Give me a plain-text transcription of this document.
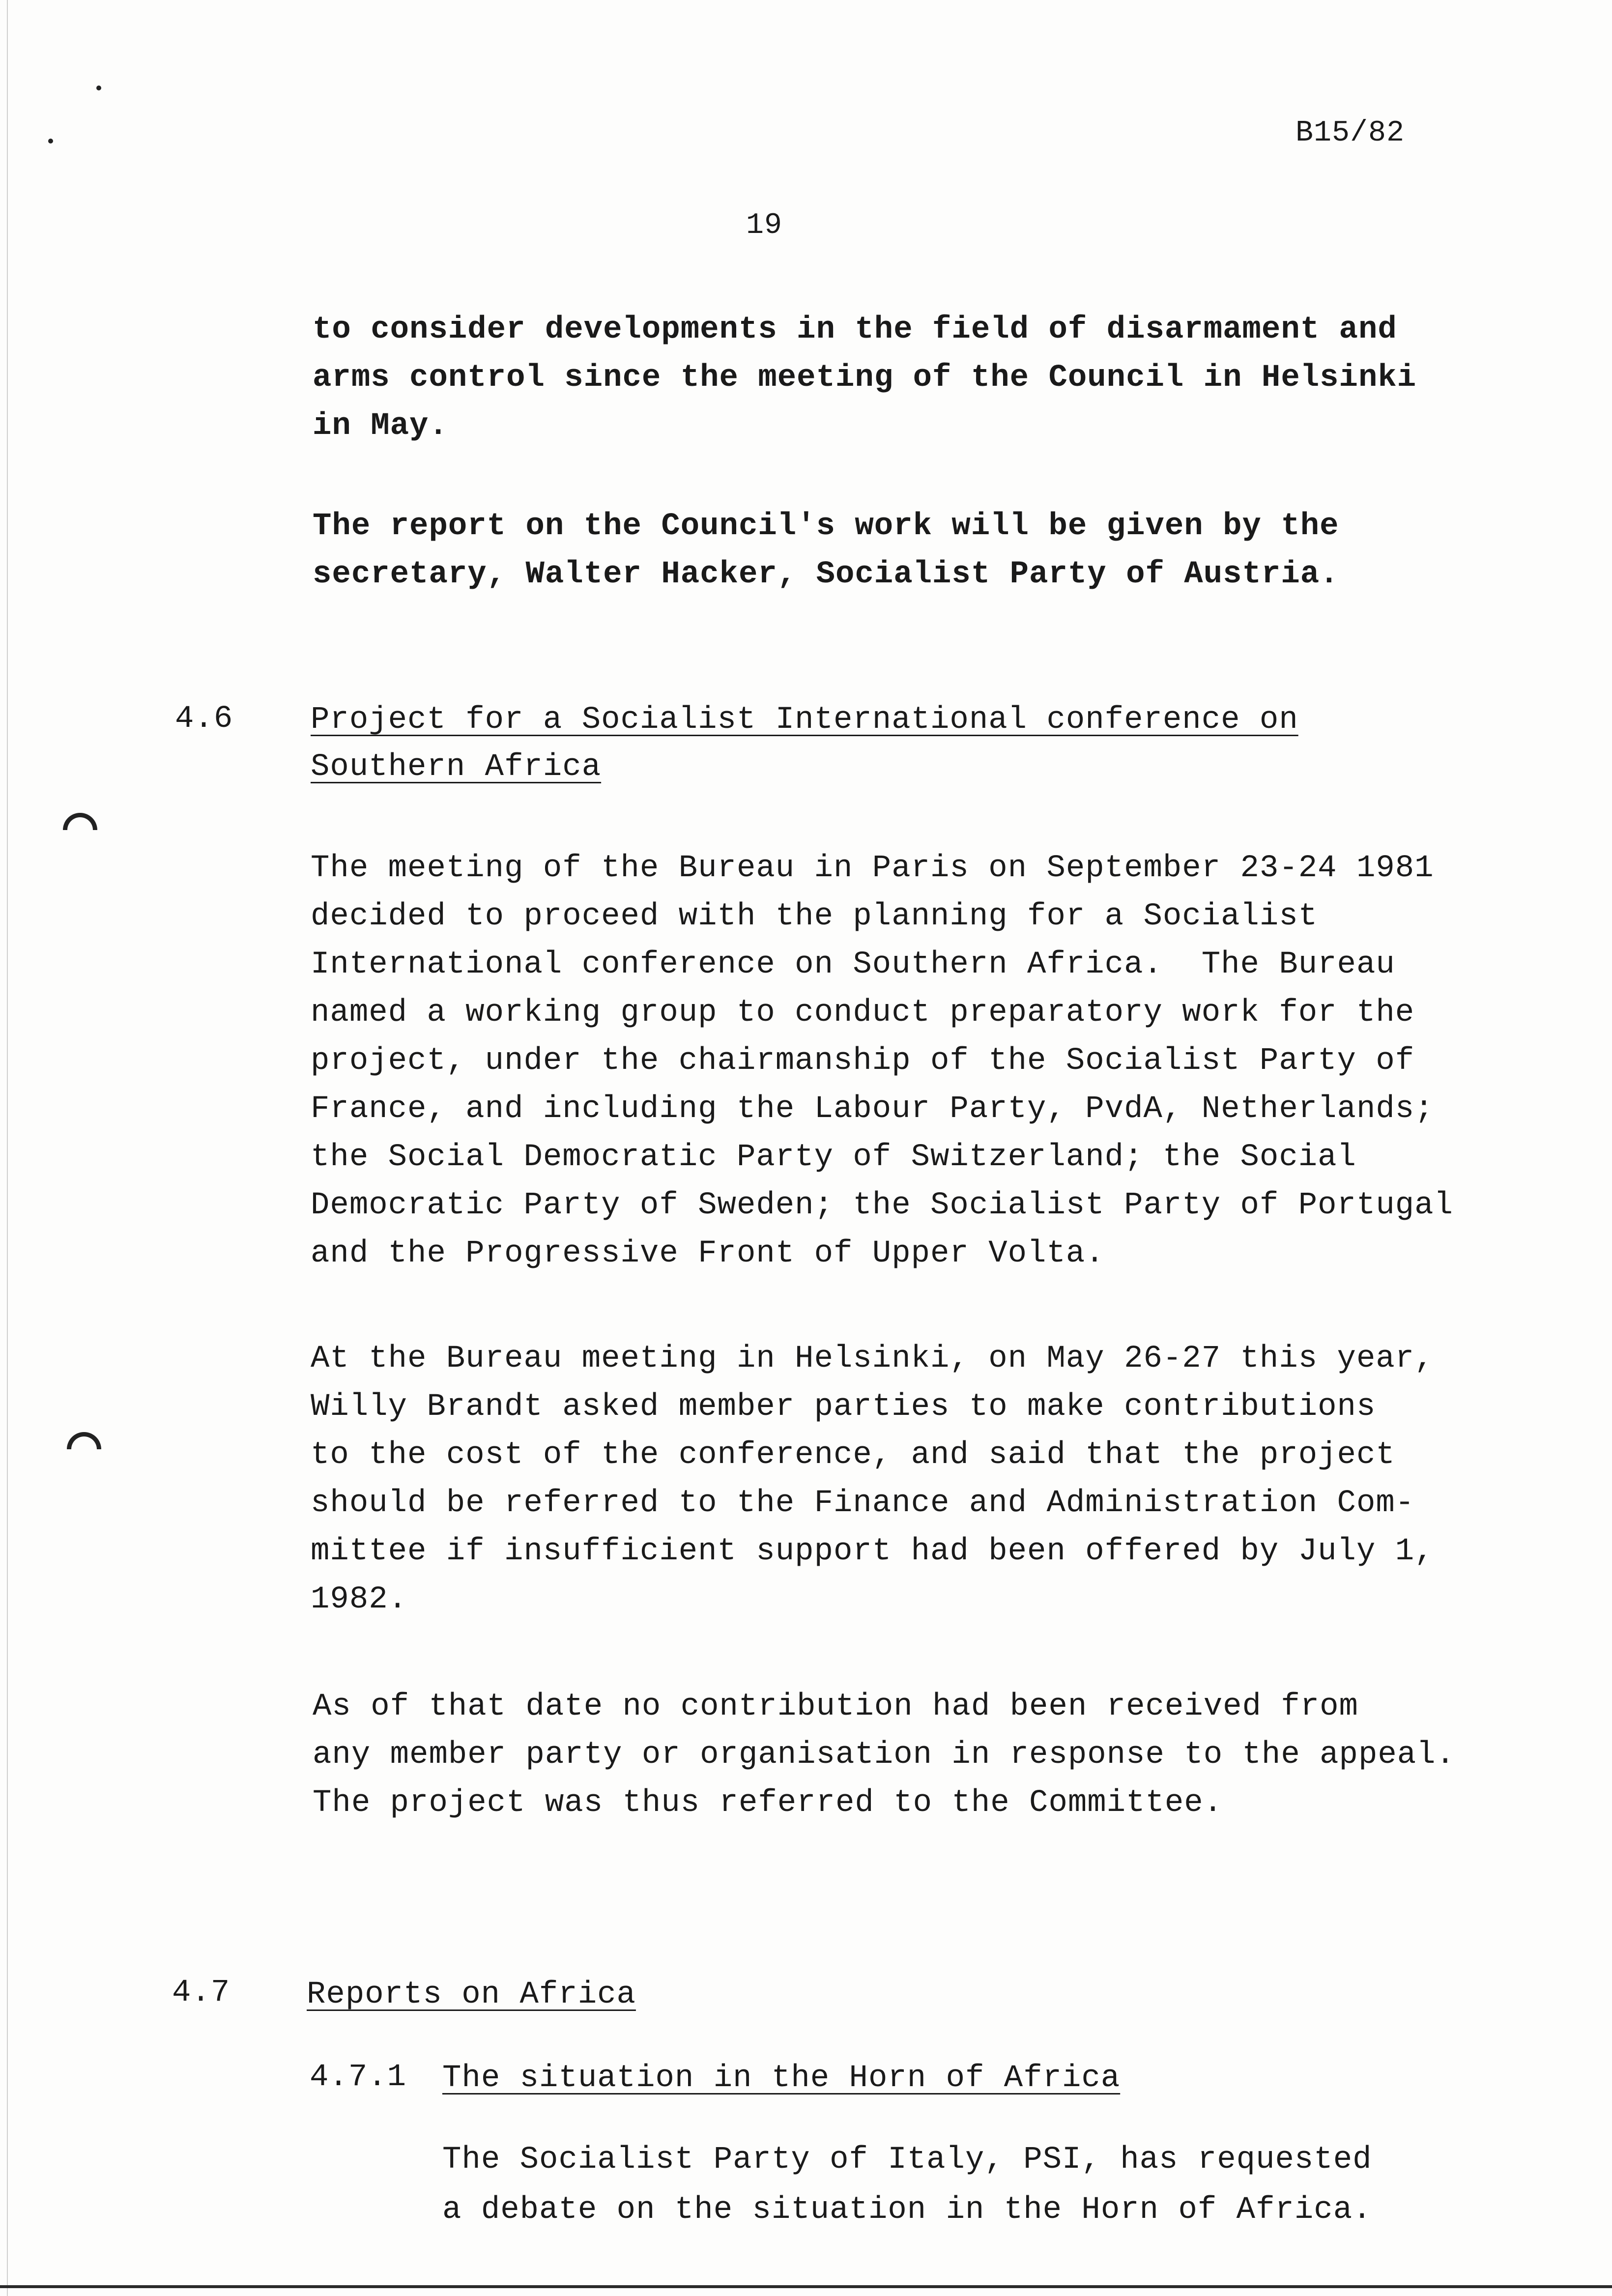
B15/82
19
to consider developments in the field of disarmament and
arms control since the meeting of the Council in Helsinki
in May.
The report on the Council's work will be given by the
secretary, Walter Hacker, Socialist Party of Austria.
4.6 Project for a Socialist International conference on
Southern Africa
The meeting of the Bureau in Paris on September 23-24 1981
decided to proceed with the planning for a Socialist
International conference on Southern Africa.  The Bureau
named a working group to conduct preparatory work for the
project, under the chairmanship of the Socialist Party of
France, and including the Labour Party, PvdA, Netherlands;
the Social Democratic Party of Switzerland; the Social
Democratic Party of Sweden; the Socialist Party of Portugal
and the Progressive Front of Upper Volta.
At the Bureau meeting in Helsinki, on May 26-27 this year,
Willy Brandt asked member parties to make contributions
to the cost of the conference, and said that the project
should be referred to the Finance and Administration Com-
mittee if insufficient support had been offered by July 1,
1982.
As of that date no contribution had been received from
any member party or organisation in response to the appeal.
The project was thus referred to the Committee.
4.7 Reports on Africa
4.7.1 The situation in the Horn of Africa
The Socialist Party of Italy, PSI, has requested
a debate on the situation in the Horn of Africa.
